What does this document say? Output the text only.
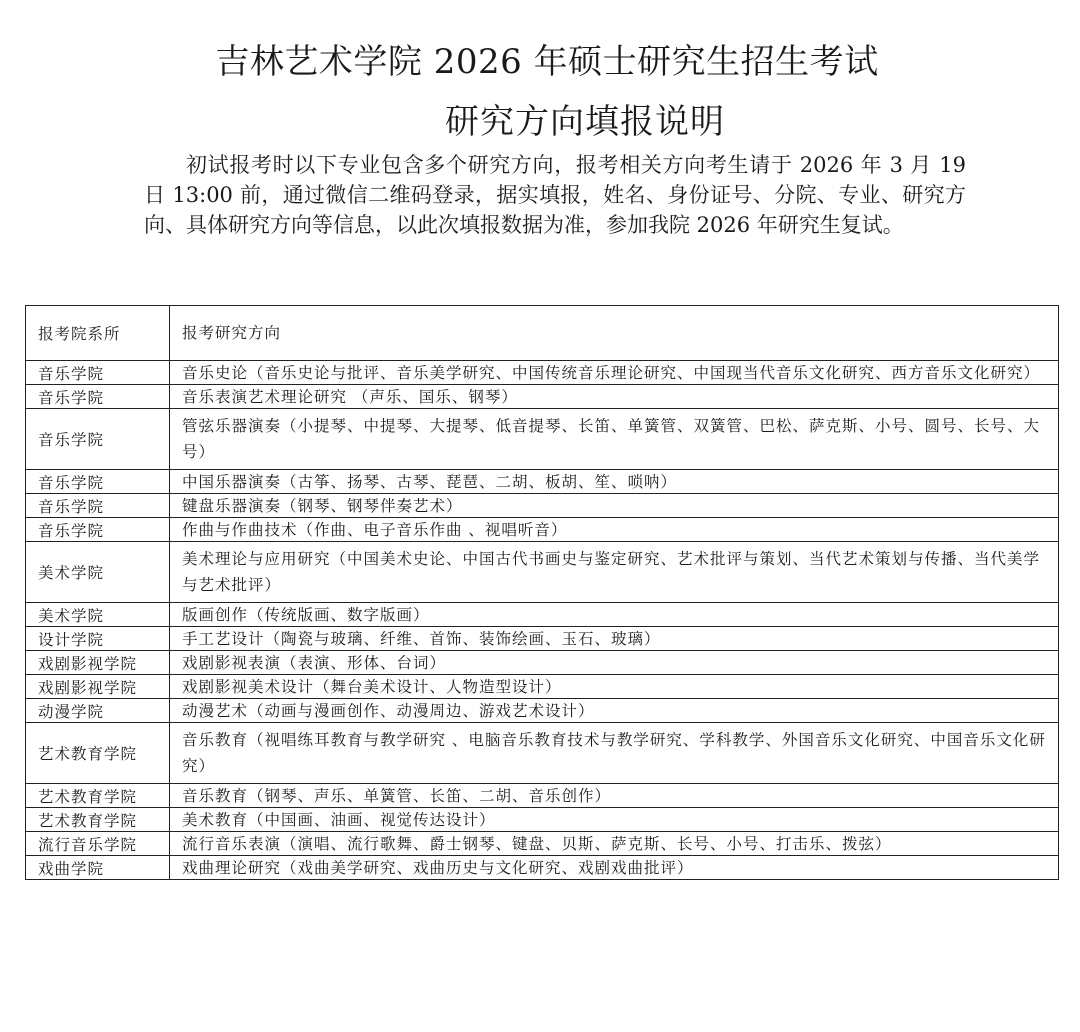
吉林艺术学院 2026 年硕士研究生招生考试
研究方向填报说明
初试报考时以下专业包含多个研究方向，报考相关方向考生请于 2026 年 3 月 19 日 13:00 前，通过微信二维码登录，据实填报，姓名、身份证号、分院、专业、研究方向、具体研究方向等信息，以此次填报数据为准，参加我院 2026 年研究生复试。
报考院系所	报考研究方向
音乐学院	音乐史论（音乐史论与批评、音乐美学研究、中国传统音乐理论研究、中国现当代音乐文化研究、西方音乐文化研究）
音乐学院	音乐表演艺术理论研究 （声乐、国乐、钢琴）
音乐学院	管弦乐器演奏（小提琴、中提琴、大提琴、低音提琴、长笛、单簧管、双簧管、巴松、萨克斯、小号、圆号、长号、大号）
音乐学院	中国乐器演奏（古筝、扬琴、古琴、琵琶、二胡、板胡、笙、唢呐）
音乐学院	键盘乐器演奏（钢琴、钢琴伴奏艺术）
音乐学院	作曲与作曲技术（作曲、电子音乐作曲 、视唱听音）
美术学院	美术理论与应用研究（中国美术史论、中国古代书画史与鉴定研究、艺术批评与策划、当代艺术策划与传播、当代美学与艺术批评）
美术学院	版画创作（传统版画、数字版画）
设计学院	手工艺设计（陶瓷与玻璃、纤维、首饰、装饰绘画、玉石、玻璃）
戏剧影视学院	戏剧影视表演（表演、形体、台词）
戏剧影视学院	戏剧影视美术设计（舞台美术设计、人物造型设计）
动漫学院	动漫艺术（动画与漫画创作、动漫周边、游戏艺术设计）
艺术教育学院	音乐教育（视唱练耳教育与教学研究 、电脑音乐教育技术与教学研究、学科教学、外国音乐文化研究、中国音乐文化研究）
艺术教育学院	音乐教育（钢琴、声乐、单簧管、长笛、二胡、音乐创作）
艺术教育学院	美术教育（中国画、油画、视觉传达设计）
流行音乐学院	流行音乐表演（演唱、流行歌舞、爵士钢琴、键盘、贝斯、萨克斯、长号、小号、打击乐、拨弦）
戏曲学院	戏曲理论研究（戏曲美学研究、戏曲历史与文化研究、戏剧戏曲批评）
